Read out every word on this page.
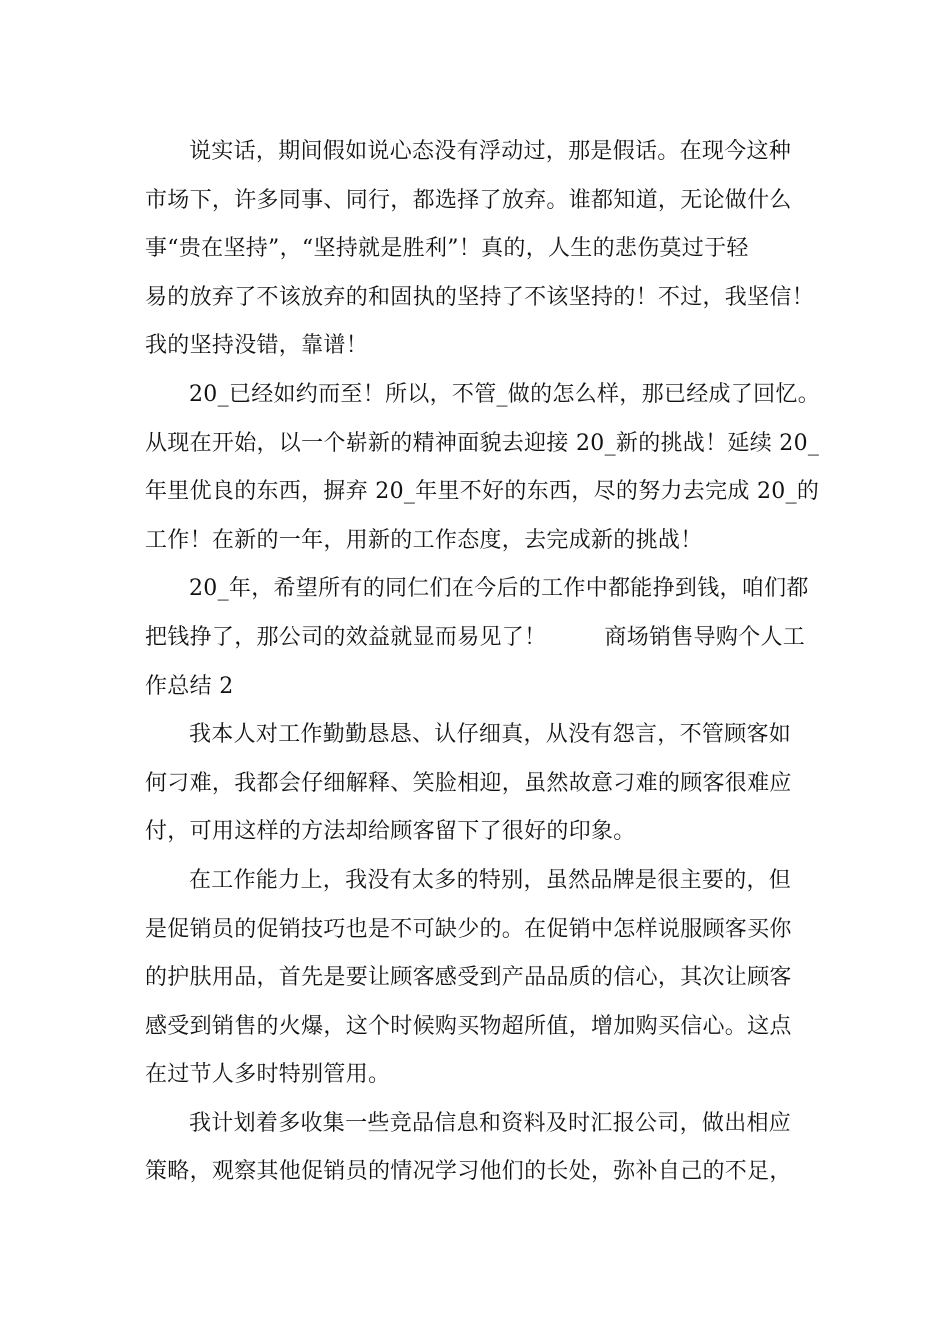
说实话，期间假如说心态没有浮动过，那是假话。在现今这种
市场下，许多同事、同行，都选择了放弃。谁都知道，无论做什么
事“贵在坚持”，“坚持就是胜利”！真的，人生的悲伤莫过于轻
易的放弃了不该放弃的和固执的坚持了不该坚持的！不过，我坚信！
我的坚持没错，靠谱！

20_已经如约而至！所以，不管_做的怎么样，那已经成了回忆。
从现在开始，以一个崭新的精神面貌去迎接 20_新的挑战！延续 20_
年里优良的东西，摒弃 20_年里不好的东西，尽的努力去完成 20_的
工作！在新的一年，用新的工作态度，去完成新的挑战！

20_年，希望所有的同仁们在今后的工作中都能挣到钱，咱们都
把钱挣了，那公司的效益就显而易见了！	商场销售导购个人工
作总结 2

我本人对工作勤勤恳恳、认仔细真，从没有怨言，不管顾客如
何刁难，我都会仔细解释、笑脸相迎，虽然故意刁难的顾客很难应
付，可用这样的方法却给顾客留下了很好的印象。

在工作能力上，我没有太多的特别，虽然品牌是很主要的，但
是促销员的促销技巧也是不可缺少的。在促销中怎样说服顾客买你
的护肤用品，首先是要让顾客感受到产品品质的信心，其次让顾客
感受到销售的火爆，这个时候购买物超所值，增加购买信心。这点
在过节人多时特别管用。

我计划着多收集一些竞品信息和资料及时汇报公司，做出相应
策略，观察其他促销员的情况学习他们的长处，弥补自己的不足，
